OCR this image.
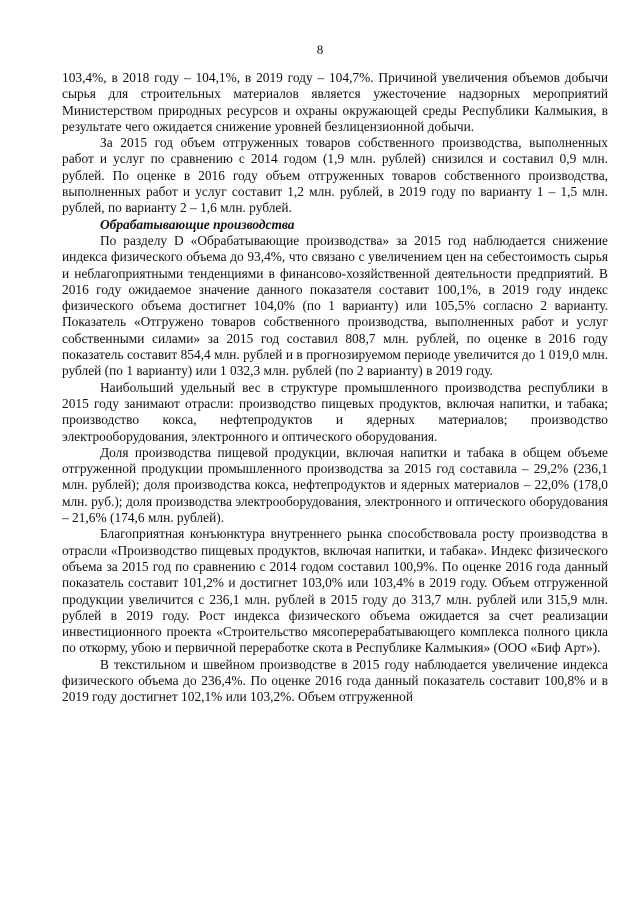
8

103,4%, в 2018 году – 104,1%, в 2019 году – 104,7%. Причиной увеличения объемов добычи сырья для строительных материалов является ужесточение надзорных мероприятий Министерством природных ресурсов и охраны окружающей среды Республики Калмыкия, в результате чего ожидается снижение уровней безлицензионной добычи.

За 2015 год объем отгруженных товаров собственного производства, выполненных работ и услуг по сравнению с 2014 годом (1,9 млн. рублей) снизился и составил 0,9 млн. рублей. По оценке в 2016 году объем отгруженных товаров собственного производства, выполненных работ и услуг составит 1,2 млн. рублей, в 2019 году по варианту 1 – 1,5 млн. рублей, по варианту 2 – 1,6 млн. рублей.

Обрабатывающие производства

По разделу D «Обрабатывающие производства» за 2015 год наблюдается снижение индекса физического объема до 93,4%, что связано с увеличением цен на себестоимость сырья и неблагоприятными тенденциями в финансово-хозяйственной деятельности предприятий. В 2016 году ожидаемое значение данного показателя составит 100,1%, в 2019 году индекс физического объема достигнет 104,0% (по 1 варианту) или 105,5% согласно 2 варианту. Показатель «Отгружено товаров собственного производства, выполненных работ и услуг собственными силами» за 2015 год составил 808,7 млн. рублей, по оценке в 2016 году показатель составит 854,4 млн. рублей и в прогнозируемом периоде увеличится до 1 019,0 млн. рублей (по 1 варианту) или 1 032,3 млн. рублей (по 2 варианту) в 2019 году.

Наибольший удельный вес в структуре промышленного производства республики в 2015 году занимают отрасли: производство пищевых продуктов, включая напитки, и табака; производство кокса, нефтепродуктов и ядерных материалов; производство электрооборудования, электронного и оптического оборудования.

Доля производства пищевой продукции, включая напитки и табака в общем объеме отгруженной продукции промышленного производства за 2015 год составила – 29,2% (236,1 млн. рублей); доля производства кокса, нефтепродуктов и ядерных материалов – 22,0% (178,0 млн. руб.); доля производства электрооборудования, электронного и оптического оборудования – 21,6% (174,6 млн. рублей).

Благоприятная конъюнктура внутреннего рынка способствовала росту производства в отрасли «Производство пищевых продуктов, включая напитки, и табака». Индекс физического объема за 2015 год по сравнению с 2014 годом составил 100,9%. По оценке 2016 года данный показатель составит 101,2% и достигнет 103,0% или 103,4% в 2019 году. Объем отгруженной продукции увеличится с 236,1 млн. рублей в 2015 году до 313,7 млн. рублей или 315,9 млн. рублей в 2019 году. Рост индекса физического объема ожидается за счет реализации инвестиционного проекта «Строительство мясоперерабатывающего комплекса полного цикла по откорму, убою и первичной переработке скота в Республике Калмыкия» (ООО «Биф Арт»).

В текстильном и швейном производстве в 2015 году наблюдается увеличение индекса физического объема до 236,4%. По оценке 2016 года данный показатель составит 100,8% и в 2019 году достигнет 102,1% или 103,2%. Объем отгруженной
